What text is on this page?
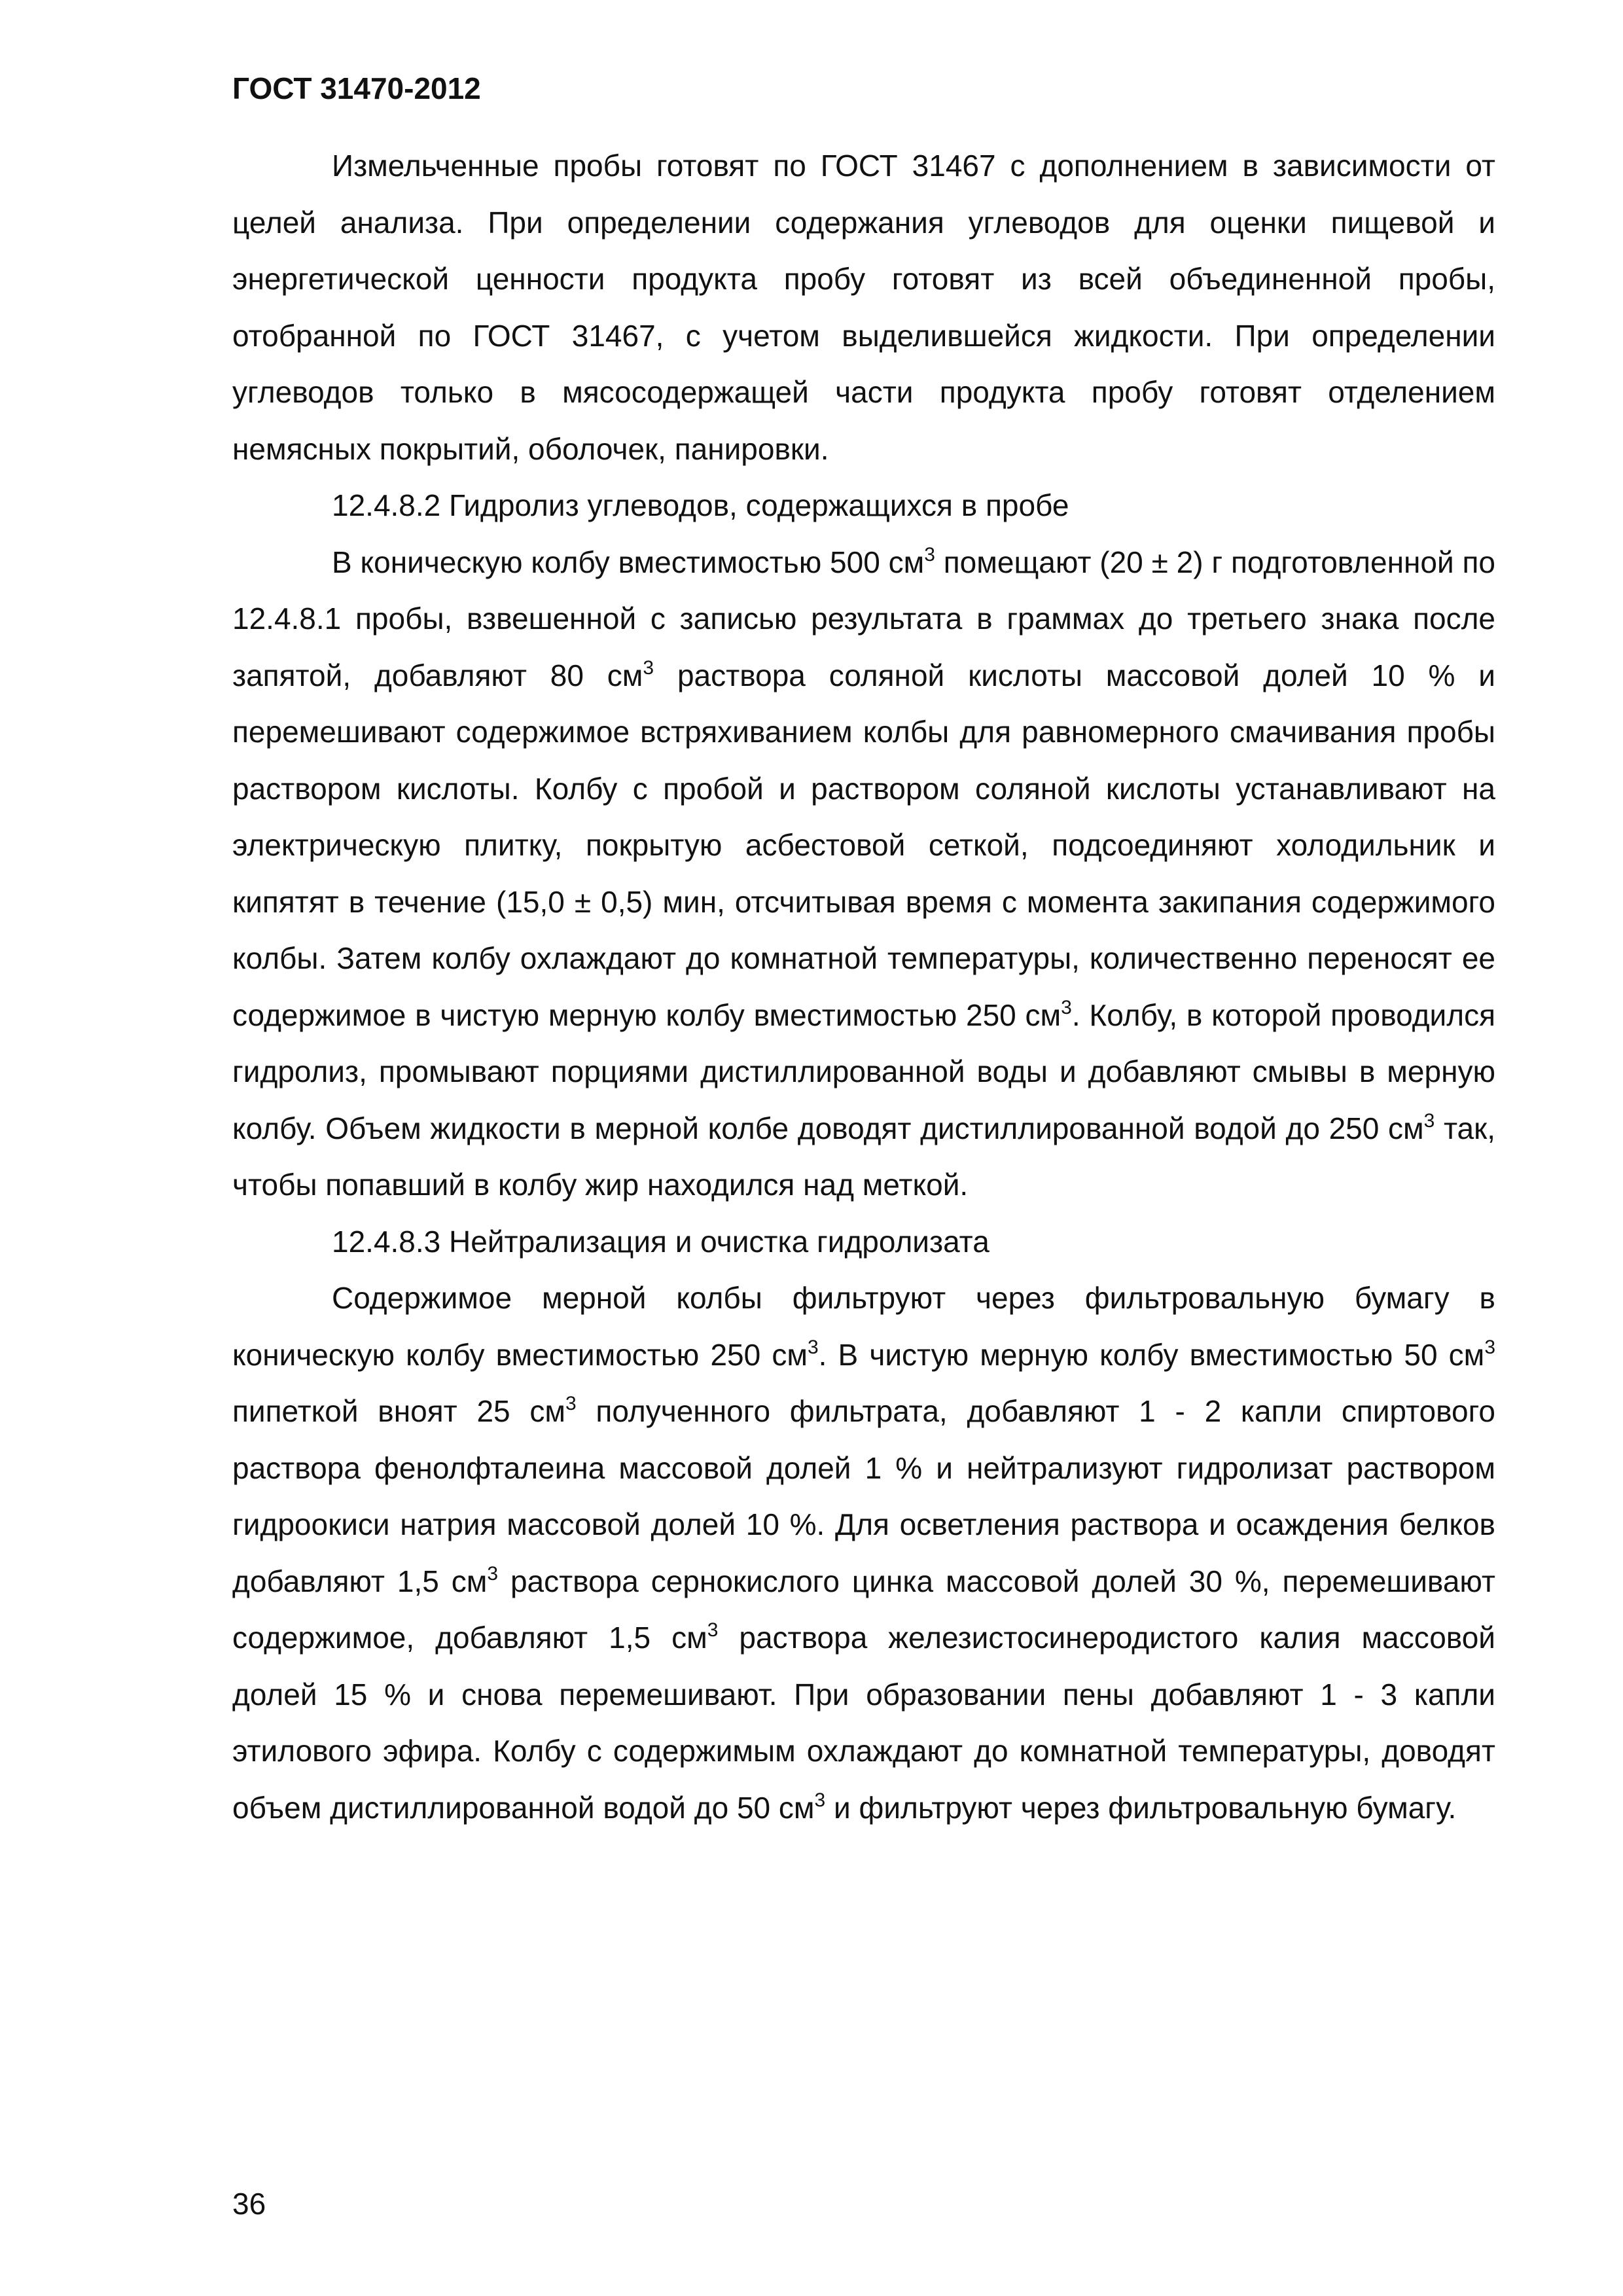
ГОСТ 31470-2012

Измельченные пробы готовят по ГОСТ 31467 с дополнением в зависимости от целей анализа. При определении содержания углеводов для оценки пищевой и энергетической ценности продукта пробу готовят из всей объединенной пробы, отобранной по ГОСТ 31467, с учетом выделившейся жидкости. При определении углеводов только в мясосодержащей части продукта пробу готовят отделением немясных покрытий, оболочек, панировки.

12.4.8.2 Гидролиз углеводов, содержащихся в пробе

В коническую колбу вместимостью 500 $см^3$ помещают (20 ± 2) г подготовленной по 12.4.8.1 пробы, взвешенной с записью результата в граммах до третьего знака после запятой, добавляют 80 $см^3$ раствора соляной кислоты массовой долей 10 % и перемешивают содержимое встряхиванием колбы для равномерного смачивания пробы раствором кислоты. Колбу с пробой и раствором соляной кислоты устанавливают на электрическую плитку, покрытую асбестовой сеткой, подсоединяют холодильник и кипятят в течение (15,0 ± 0,5) мин, отсчитывая время с момента закипания содержимого колбы. Затем колбу охлаждают до комнатной температуры, количественно переносят ее содержимое в чистую мерную колбу вместимостью 250 $см^3$. Колбу, в которой проводился гидролиз, промывают порциями дистиллированной воды и добавляют смывы в мерную колбу. Объем жидкости в мерной колбе доводят дистиллированной водой до 250 $см^3$ так, чтобы попавший в колбу жир находился над меткой.

12.4.8.3 Нейтрализация и очистка гидролизата

Содержимое мерной колбы фильтруют через фильтровальную бумагу в коническую колбу вместимостью 250 $см^3$. В чистую мерную колбу вместимостью 50 $см^3$ пипеткой вноят 25 $см^3$ полученного фильтрата, добавляют 1 - 2 капли спиртового раствора фенолфталеина массовой долей 1 % и нейтрализуют гидролизат раствором гидроокиси натрия массовой долей 10 %. Для осветления раствора и осаждения белков добавляют 1,5 $см^3$ раствора сернокислого цинка массовой долей 30 %, перемешивают содержимое, добавляют 1,5 $см^3$ раствора железистосинеродистого калия массовой долей 15 % и снова перемешивают. При образовании пены добавляют 1 - 3 капли этилового эфира. Колбу с содержимым охлаждают до комнатной температуры, доводят объем дистиллированной водой до 50 $см^3$ и фильтруют через фильтровальную бумагу.

36
